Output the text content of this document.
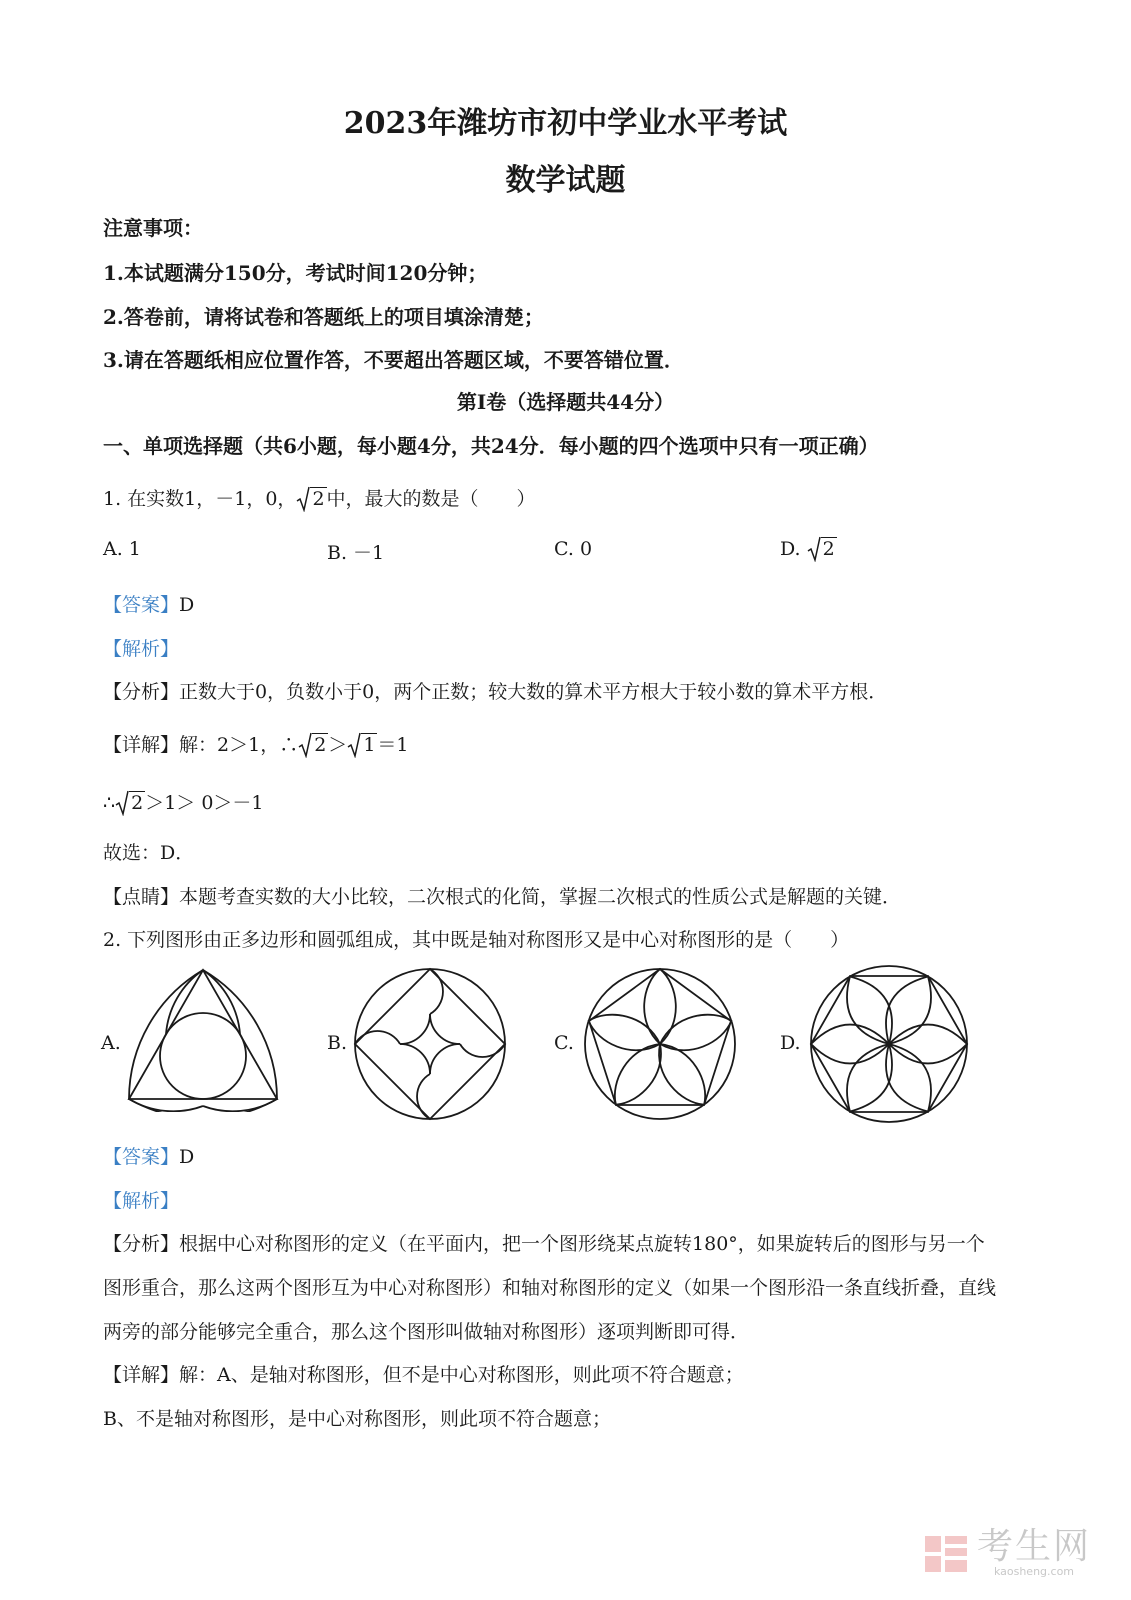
2023年潍坊市初中学业水平考试
数学试题
注意事项：
1.本试题满分150分，考试时间120分钟；
2.答卷前，请将试卷和答题纸上的项目填涂清楚；
3.请在答题纸相应位置作答，不要超出答题区域，不要答错位置．
第I卷（选择题共44分）
一、单项选择题（共6小题，每小题4分，共24分．每小题的四个选项中只有一项正确）
1. 在实数1，－1，0， 2 中，最大的数是（　　）
A. 1	B. －1	C. 0	D. 2
【答案】D
【解析】
【分析】正数大于0，负数小于0，两个正数；较大数的算术平方根大于较小数的算术平方根．
【详解】解：2＞1，∴ 2 ＞ 1 ＝1
∴ 2 ＞1＞ 0＞－1
故选：D．
【点睛】本题考查实数的大小比较，二次根式的化简，掌握二次根式的性质公式是解题的关键．
2. 下列图形由正多边形和圆弧组成，其中既是轴对称图形又是中心对称图形的是（　　）
A.	B.	C.	D.
【答案】D
【解析】
【分析】根据中心对称图形的定义（在平面内，把一个图形绕某点旋转180°，如果旋转后的图形与另一个
图形重合，那么这两个图形互为中心对称图形）和轴对称图形的定义（如果一个图形沿一条直线折叠，直线
两旁的部分能够完全重合，那么这个图形叫做轴对称图形）逐项判断即可得．
【详解】解：A、是轴对称图形，但不是中心对称图形，则此项不符合题意；
B、不是轴对称图形，是中心对称图形，则此项不符合题意；
考生网
kaosheng.com
